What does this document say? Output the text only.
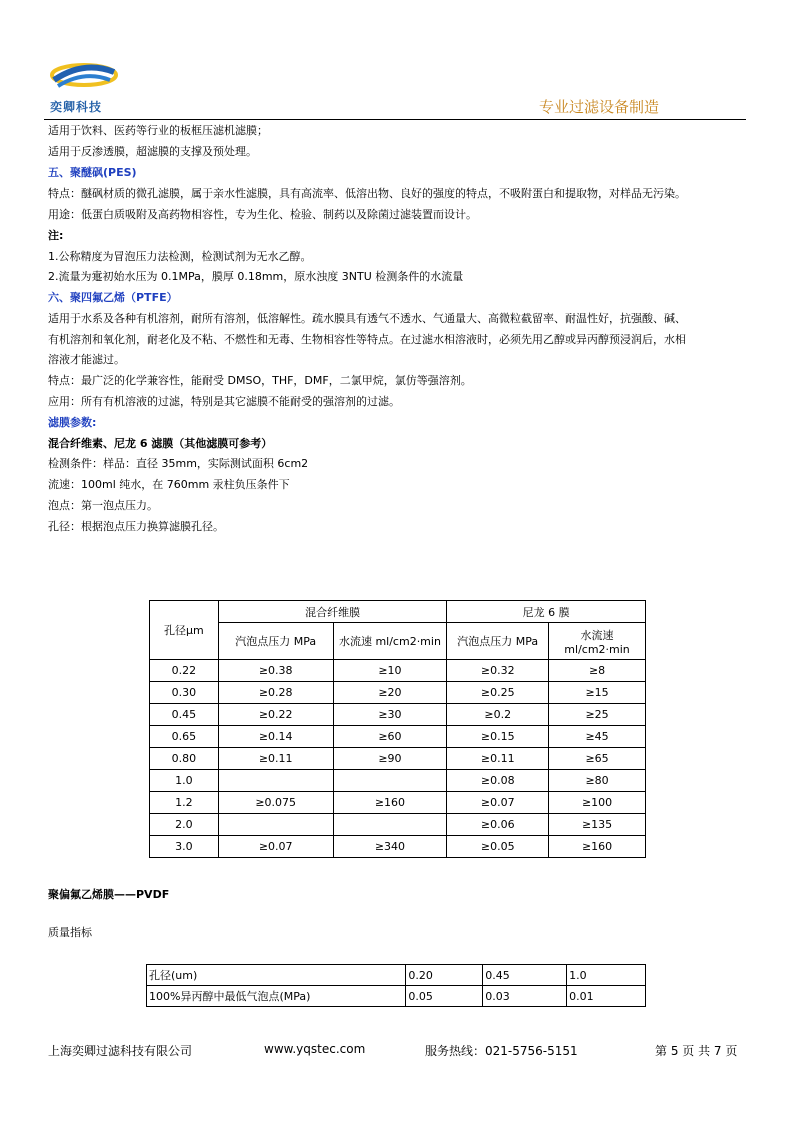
奕卿科技	专业过滤设备制造
适用于饮料、医药等行业的板框压滤机滤膜；
适用于反渗透膜，超滤膜的支撑及预处理。
五、聚醚砜(PES)
特点：醚砜材质的微孔滤膜，属于亲水性滤膜，具有高流率、低溶出物、良好的强度的特点，不吸附蛋白和提取物，对样品无污染。
用途：低蛋白质吸附及高药物相容性，专为生化、检验、制药以及除菌过滤装置而设计。
注:
1.公称精度为冒泡压力法检测，检测试剂为无水乙醇。
2.流量为疐初始水压为 0.1MPa，膜厚 0.18mm，原水浊度 3NTU 检测条件的水流量
六、聚四氟乙烯（PTFE）
适用于水系及各种有机溶剂，耐所有溶剂，低溶解性。疏水膜具有透气不透水、气通量大、高微粒截留率、耐温性好，抗强酸、碱、
有机溶剂和氧化剂，耐老化及不粘、不燃性和无毒、生物相容性等特点。在过滤水相溶液时，必须先用乙醇或异丙醇预浸润后，水相
溶液才能滤过。
特点：最广泛的化学兼容性，能耐受 DMSO，THF，DMF，二氯甲烷，氯仿等强溶剂。
应用：所有有机溶液的过滤，特别是其它滤膜不能耐受的强溶剂的过滤。
滤膜参数:
混合纤维素、尼龙 6 滤膜（其他滤膜可参考）
检测条件：样品：直径 35mm，实际测试面积 6cm2
流速：100ml 纯水，在 760mm 汞柱负压条件下
泡点：第一泡点压力。
孔径：根据泡点压力换算滤膜孔径。
孔径μm	混合纤维膜		尼龙 6 膜	
	汽泡点压力 MPa	水流速 ml/cm2·min	汽泡点压力 MPa	水流速 ml/cm2·min
0.22	≥0.38	≥10	≥0.32	≥8
0.30	≥0.28	≥20	≥0.25	≥15
0.45	≥0.22	≥30	≥0.2	≥25
0.65	≥0.14	≥60	≥0.15	≥45
0.80	≥0.11	≥90	≥0.11	≥65
1.0			≥0.08	≥80
1.2	≥0.075	≥160	≥0.07	≥100
2.0			≥0.06	≥135
3.0	≥0.07	≥340	≥0.05	≥160
聚偏氟乙烯膜——PVDF
质量指标
孔径(um)	0.20	0.45	1.0
100%异丙醇中最低气泡点(MPa)	0.05	0.03	0.01
上海奕卿过滤科技有限公司	www.yqstec.com	服务热线：021-5756-5151	第 5 页 共 7 页
